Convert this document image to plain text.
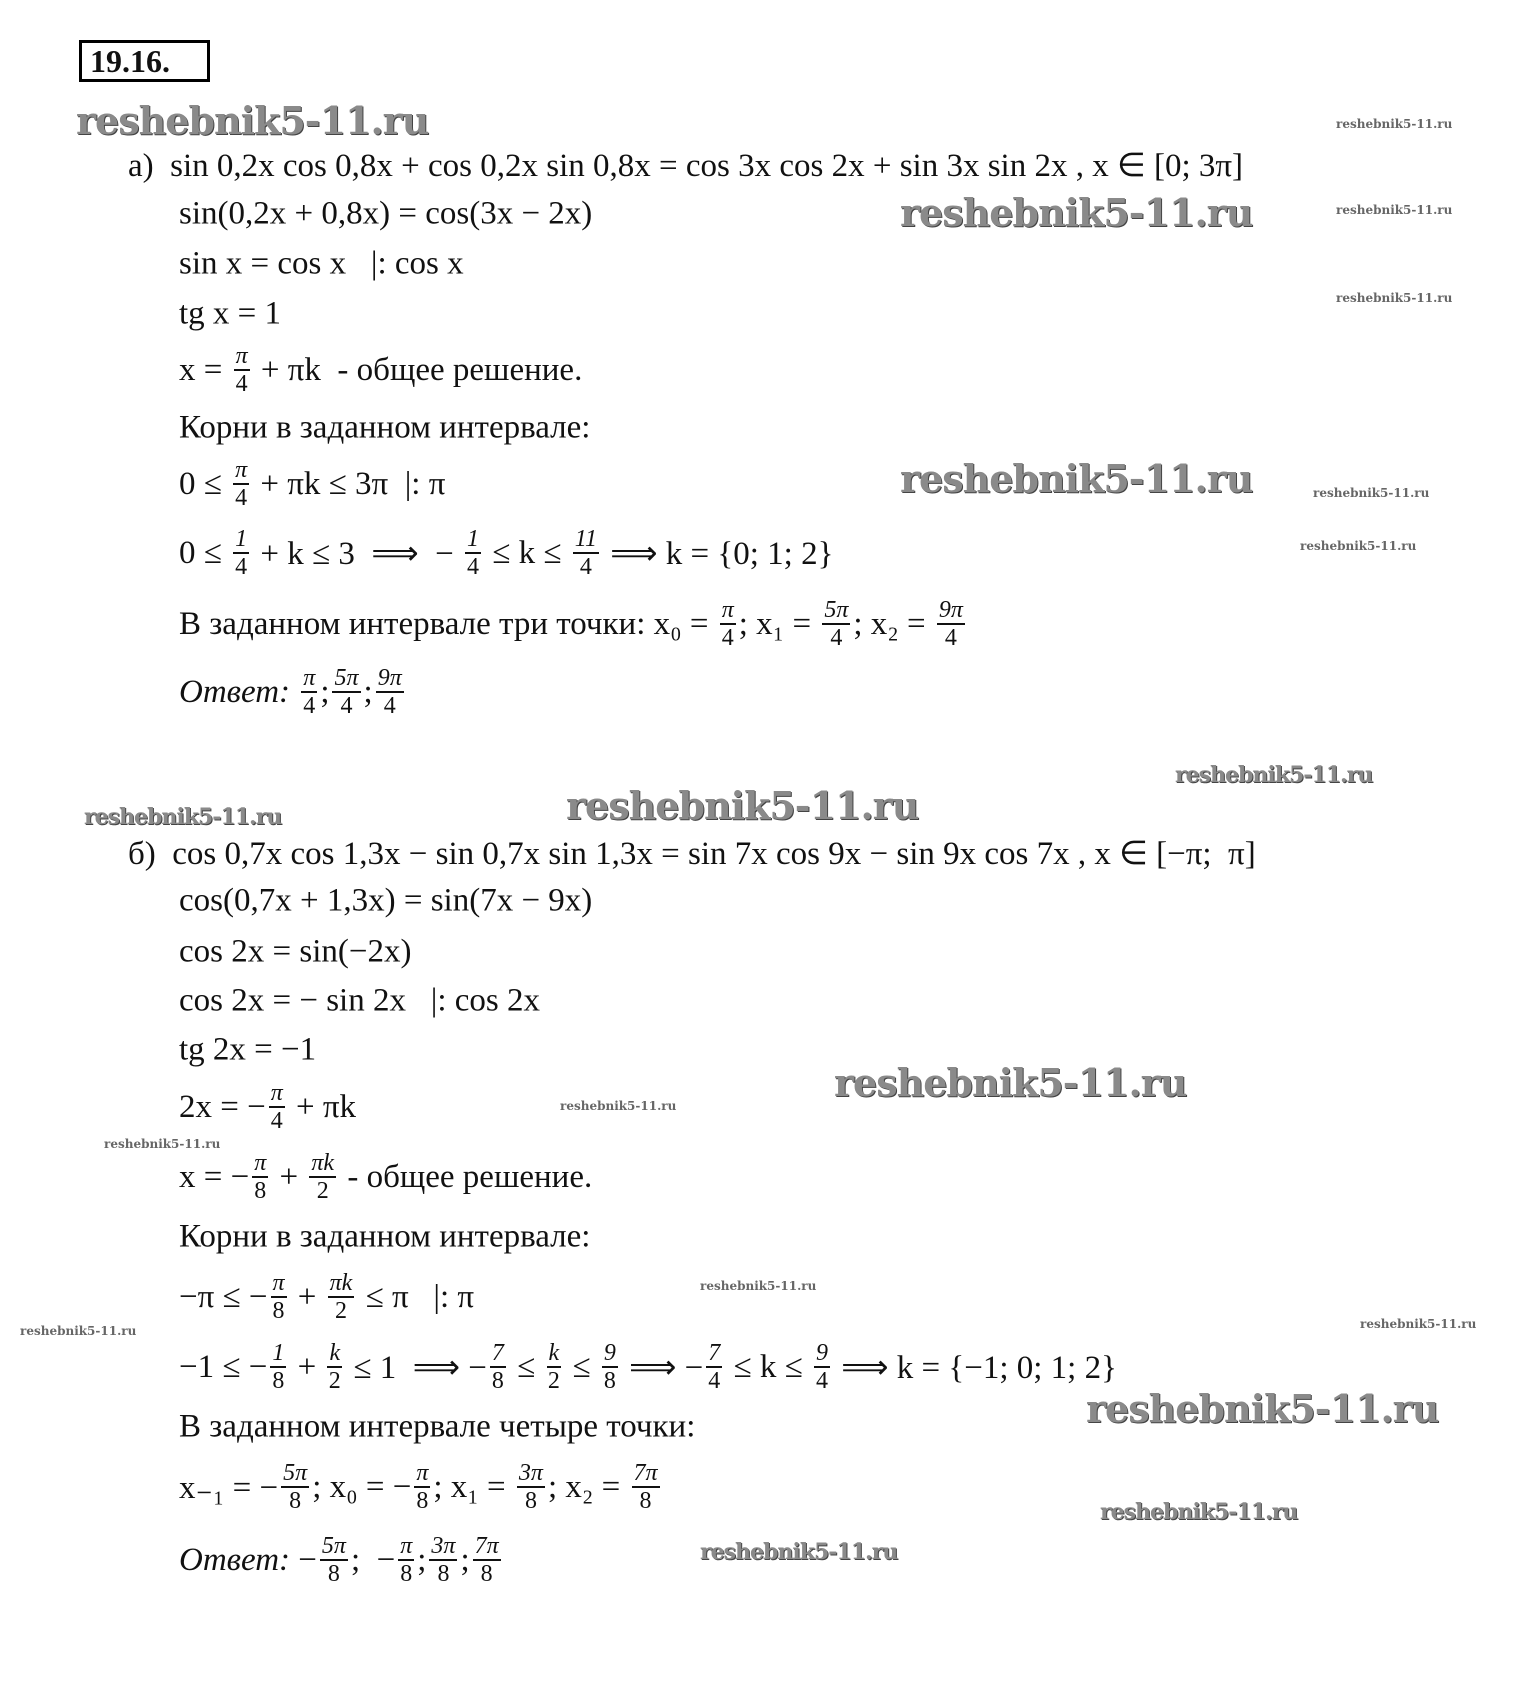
19.16.
а)  sin 0,2x cos 0,8x + cos 0,2x sin 0,8x = cos 3x cos 2x + sin 3x sin 2x , x ∈ [0; 3π]
sin(0,2x + 0,8x) = cos(3x − 2x)
sin x = cos x   |: cos x
tg x = 1
$x = \frac{\pi}{4} + \pi k$  - общее решение.
Корни в заданном интервале:
$0 \le \frac{\pi}{4} + \pi k \le 3\pi$  |: π
$0 \le \frac{1}{4} + k \le 3$  ⟹  − $\frac{1}{4} \le k \le \frac{11}{4}$ ⟹ k = {0; 1; 2}
В заданном интервале три точки: $x_0 = \frac{\pi}{4}$ ; $x_1 = \frac{5\pi}{4}$ ; $x_2 = \frac{9\pi}{4}$
Ответ: $\frac{\pi}{4}$ ; $\frac{5\pi}{4}$ ; $\frac{9\pi}{4}$
б)  cos 0,7x cos 1,3x − sin 0,7x sin 1,3x = sin 7x cos 9x − sin 9x cos 7x , x ∈ [−π;  π]
cos(0,7x + 1,3x) = sin(7x − 9x)
cos 2x = sin(−2x)
cos 2x = − sin 2x   |: cos 2x
tg 2x = −1
2x = − $\frac{\pi}{4} + \pi k$
x = − $\frac{\pi}{8} + \frac{\pi k}{2}$ - общее решение.
Корни в заданном интервале:
−π ≤ − $\frac{\pi}{8} + \frac{\pi k}{2} \le \pi$   |: π
−1 ≤ − $\frac{1}{8} + \frac{k}{2} \le 1$  ⟹ − $\frac{7}{8} \le \frac{k}{2} \le \frac{9}{8}$ ⟹ − $\frac{7}{4} \le k \le \frac{9}{4}$ ⟹ k = {−1; 0; 1; 2}
В заданном интервале четыре точки:
x₋₁ = − $\frac{5\pi}{8}$ ; x₀ = − $\frac{\pi}{8}$ ; $x_1 = \frac{3\pi}{8}$ ; $x_2 = \frac{7\pi}{8}$
Ответ: − $\frac{5\pi}{8}$ ;  − $\frac{\pi}{8}$ ; $\frac{3\pi}{8}$ ; $\frac{7\pi}{8}$
reshebnik5-11.ru
reshebnik5-11.ru
reshebnik5-11.ru
reshebnik5-11.ru
reshebnik5-11.ru
reshebnik5-11.ru	reshebnik5-11.ru
reshebnik5-11.ru
reshebnik5-11.ru
reshebnik5-11.ru	reshebnik5-11.ru
reshebnik5-11.ru
reshebnik5-11.ru
reshebnik5-11.ru
reshebnik5-11.ru
reshebnik5-11.ru	reshebnik5-11.ru
reshebnik5-11.ru
reshebnik5-11.ru
reshebnik5-11.ru
